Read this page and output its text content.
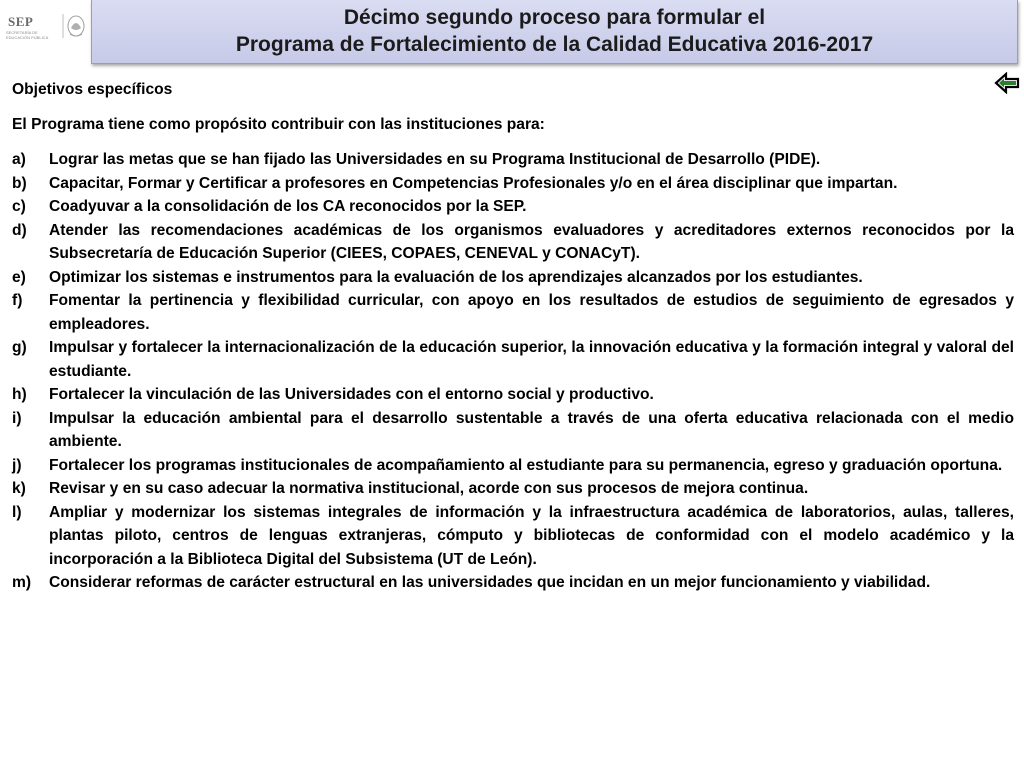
SEP
SECRETARÍA DE EDUCACIÓN PÚBLICA
Décimo segundo proceso para formular el
Programa de Fortalecimiento de la Calidad Educativa 2016-2017

Objetivos específicos

El Programa tiene como propósito contribuir con las instituciones para:

a)	Lograr las metas que se han fijado las Universidades en su Programa Institucional de Desarrollo (PIDE).
b)	Capacitar, Formar y Certificar a profesores en Competencias Profesionales y/o en el área disciplinar que impartan.
c)	Coadyuvar a la consolidación de los CA reconocidos por la SEP.
d)	Atender las recomendaciones académicas de los organismos evaluadores y acreditadores externos reconocidos por la Subsecretaría de Educación Superior (CIEES, COPAES, CENEVAL y CONACyT).
e)	Optimizar los sistemas e instrumentos para la evaluación de los aprendizajes alcanzados por los estudiantes.
f)	Fomentar la pertinencia y flexibilidad curricular, con apoyo en los resultados de estudios de seguimiento de egresados y empleadores.
g)	Impulsar y fortalecer la internacionalización de la educación superior, la innovación educativa y la formación integral y valoral del estudiante.
h)	Fortalecer la vinculación de las Universidades con el entorno social y productivo.
i)	Impulsar la educación ambiental para el desarrollo sustentable a través de una oferta educativa relacionada con el medio ambiente.
j)	Fortalecer los programas institucionales de acompañamiento al estudiante para su permanencia, egreso y graduación oportuna.
k)	Revisar y en su caso adecuar la normativa institucional, acorde con sus procesos de mejora continua.
l)	Ampliar y modernizar los sistemas integrales de información y la infraestructura académica de laboratorios, aulas, talleres, plantas piloto, centros de lenguas extranjeras, cómputo y bibliotecas de conformidad con el modelo académico y la incorporación a la Biblioteca Digital del Subsistema (UT de León).
m)	Considerar reformas de carácter estructural en las universidades que incidan en un mejor funcionamiento y viabilidad.
